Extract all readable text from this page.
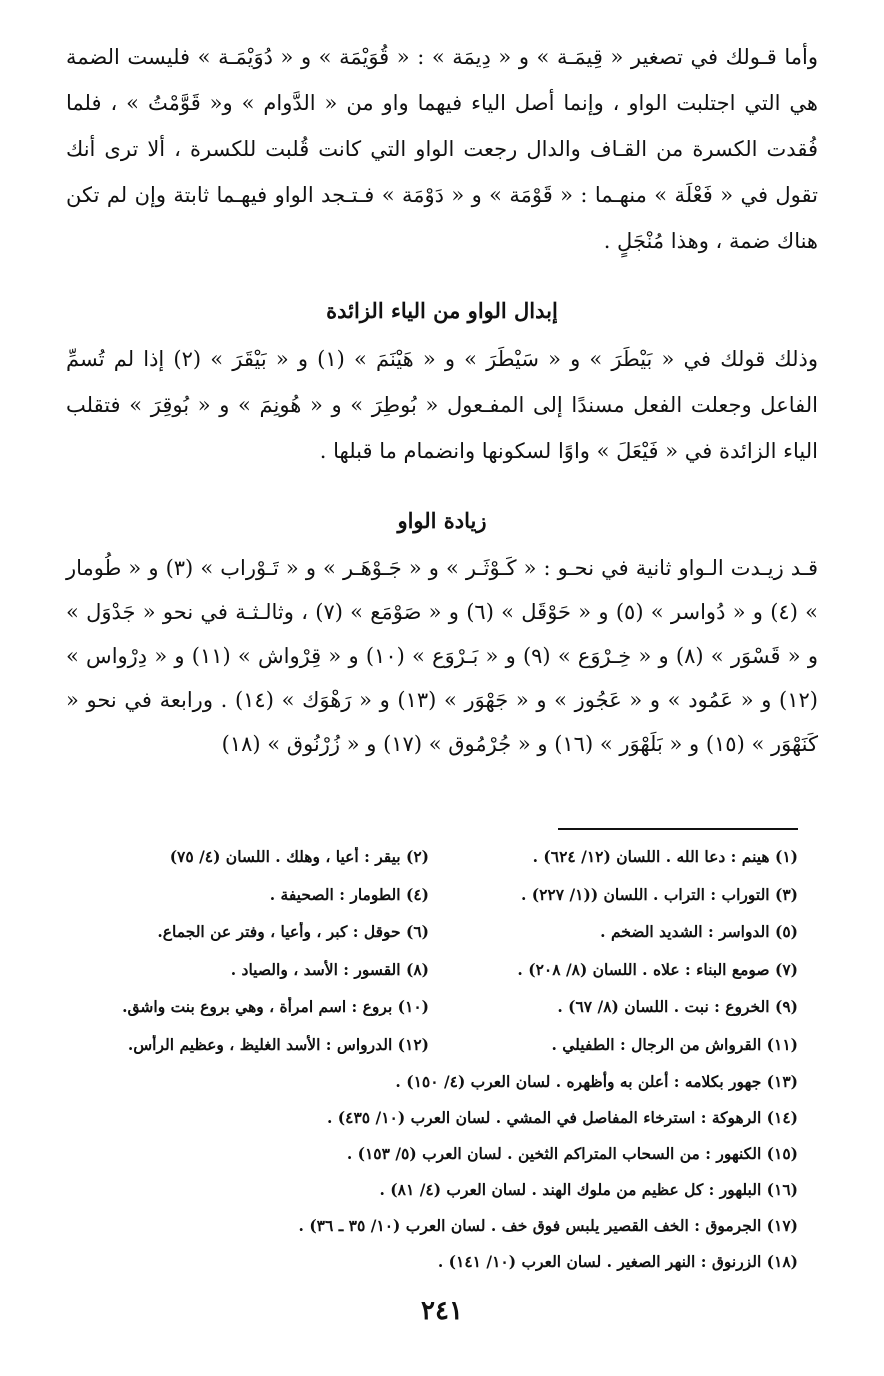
وأما قـولك في تصغير « قِيمَـة » و « دِيمَة » : « قُوَيْمَة » و « دُوَيْمَـة » فليست الضمة هي التي اجتلبت الواو ، وإنما أصل الياء فيهما واو من « الدَّوام » و« قَوَّمْتُ » ، فلما فُقدت الكسرة من القـاف والدال رجعت الواو التي كانت قُلبت للكسرة ، ألا ترى أنك تقول في « فَعْلَة » منهـما : « قَوْمَة » و « دَوْمَة » فـتـجد الواو فيهـما ثابتة وإن لم تكن هناك ضمة ، وهذا مُنْجَلٍ .

إبدال الواو من الياء الزائدة

وذلك قولك في « بَيْطَرَ » و « سَيْطَرَ » و « هَيْنَمَ » (١) و « بَيْقَرَ » (٢) إذا لم تُسمِّ الفاعل وجعلت الفعل مسندًا إلى المفـعول « بُوطِرَ » و « هُونِمَ » و « بُوقِرَ » فتقلب الياء الزائدة في « فَيْعَلَ » واوًا لسكونها وانضمام ما قبلها .

زيادة الواو

قـد زيـدت الـواو ثانية في نحـو : « كَـوْثَـر » و « جَـوْهَـر » و « تَـوْراب » (٣) و « طُومار » (٤) و « دُواسر » (٥) و « حَوْقَل » (٦) و « صَوْمَع » (٧) ، وثالـثـة في نحو « جَدْوَل » و « قَسْوَر » (٨) و « خِـرْوَع » (٩) و « بَـرْوَع » (١٠) و « قِرْواش » (١١) و « دِرْواس » (١٢) و « عَمُود » و « عَجُوز » و « جَهْوَر » (١٣) و « رَهْوَك » (١٤) . ورابعة في نحو « كَنَهْوَر » (١٥) و « بَلَهْوَر » (١٦) و « جُرْمُوق » (١٧) و « زُرْنُوق » (١٨)

(١) هينم : دعا الله . اللسان (١٢/ ٦٢٤) .
(٢) بيقر : أعيا ، وهلك . اللسان (٤/ ٧٥)
(٣) التوراب : التراب . اللسان ((١/ ٢٢٧) .
(٤) الطومار : الصحيفة .
(٥) الدواسر : الشديد الضخم .
(٦) حوقل : كبر ، وأعيا ، وفتر عن الجماع.
(٧) صومع البناء : علاه . اللسان (٨/ ٢٠٨) .
(٨) القسور : الأسد ، والصياد .
(٩) الخروع : نبت . اللسان (٨/ ٦٧) .
(١٠) بروع : اسم امرأة ، وهي بروع بنت واشق.
(١١) القرواش من الرجال : الطفيلي .
(١٢) الدرواس : الأسد الغليظ ، وعظيم الرأس.
(١٣) جهور بكلامه : أعلن به وأظهره . لسان العرب (٤/ ١٥٠) .
(١٤) الرهوكة : استرخاء المفاصل في المشي . لسان العرب (١٠/ ٤٣٥) .
(١٥) الكنهور : من السحاب المتراكم الثخين . لسان العرب (٥/ ١٥٣) .
(١٦) البلهور : كل عظيم من ملوك الهند . لسان العرب (٤/ ٨١) .
(١٧) الجرموق : الخف القصير يلبس فوق خف . لسان العرب (١٠/ ٣٥ ـ ٣٦) .
(١٨) الزرنوق : النهر الصغير . لسان العرب (١٠/ ١٤١) .
٢٤١
